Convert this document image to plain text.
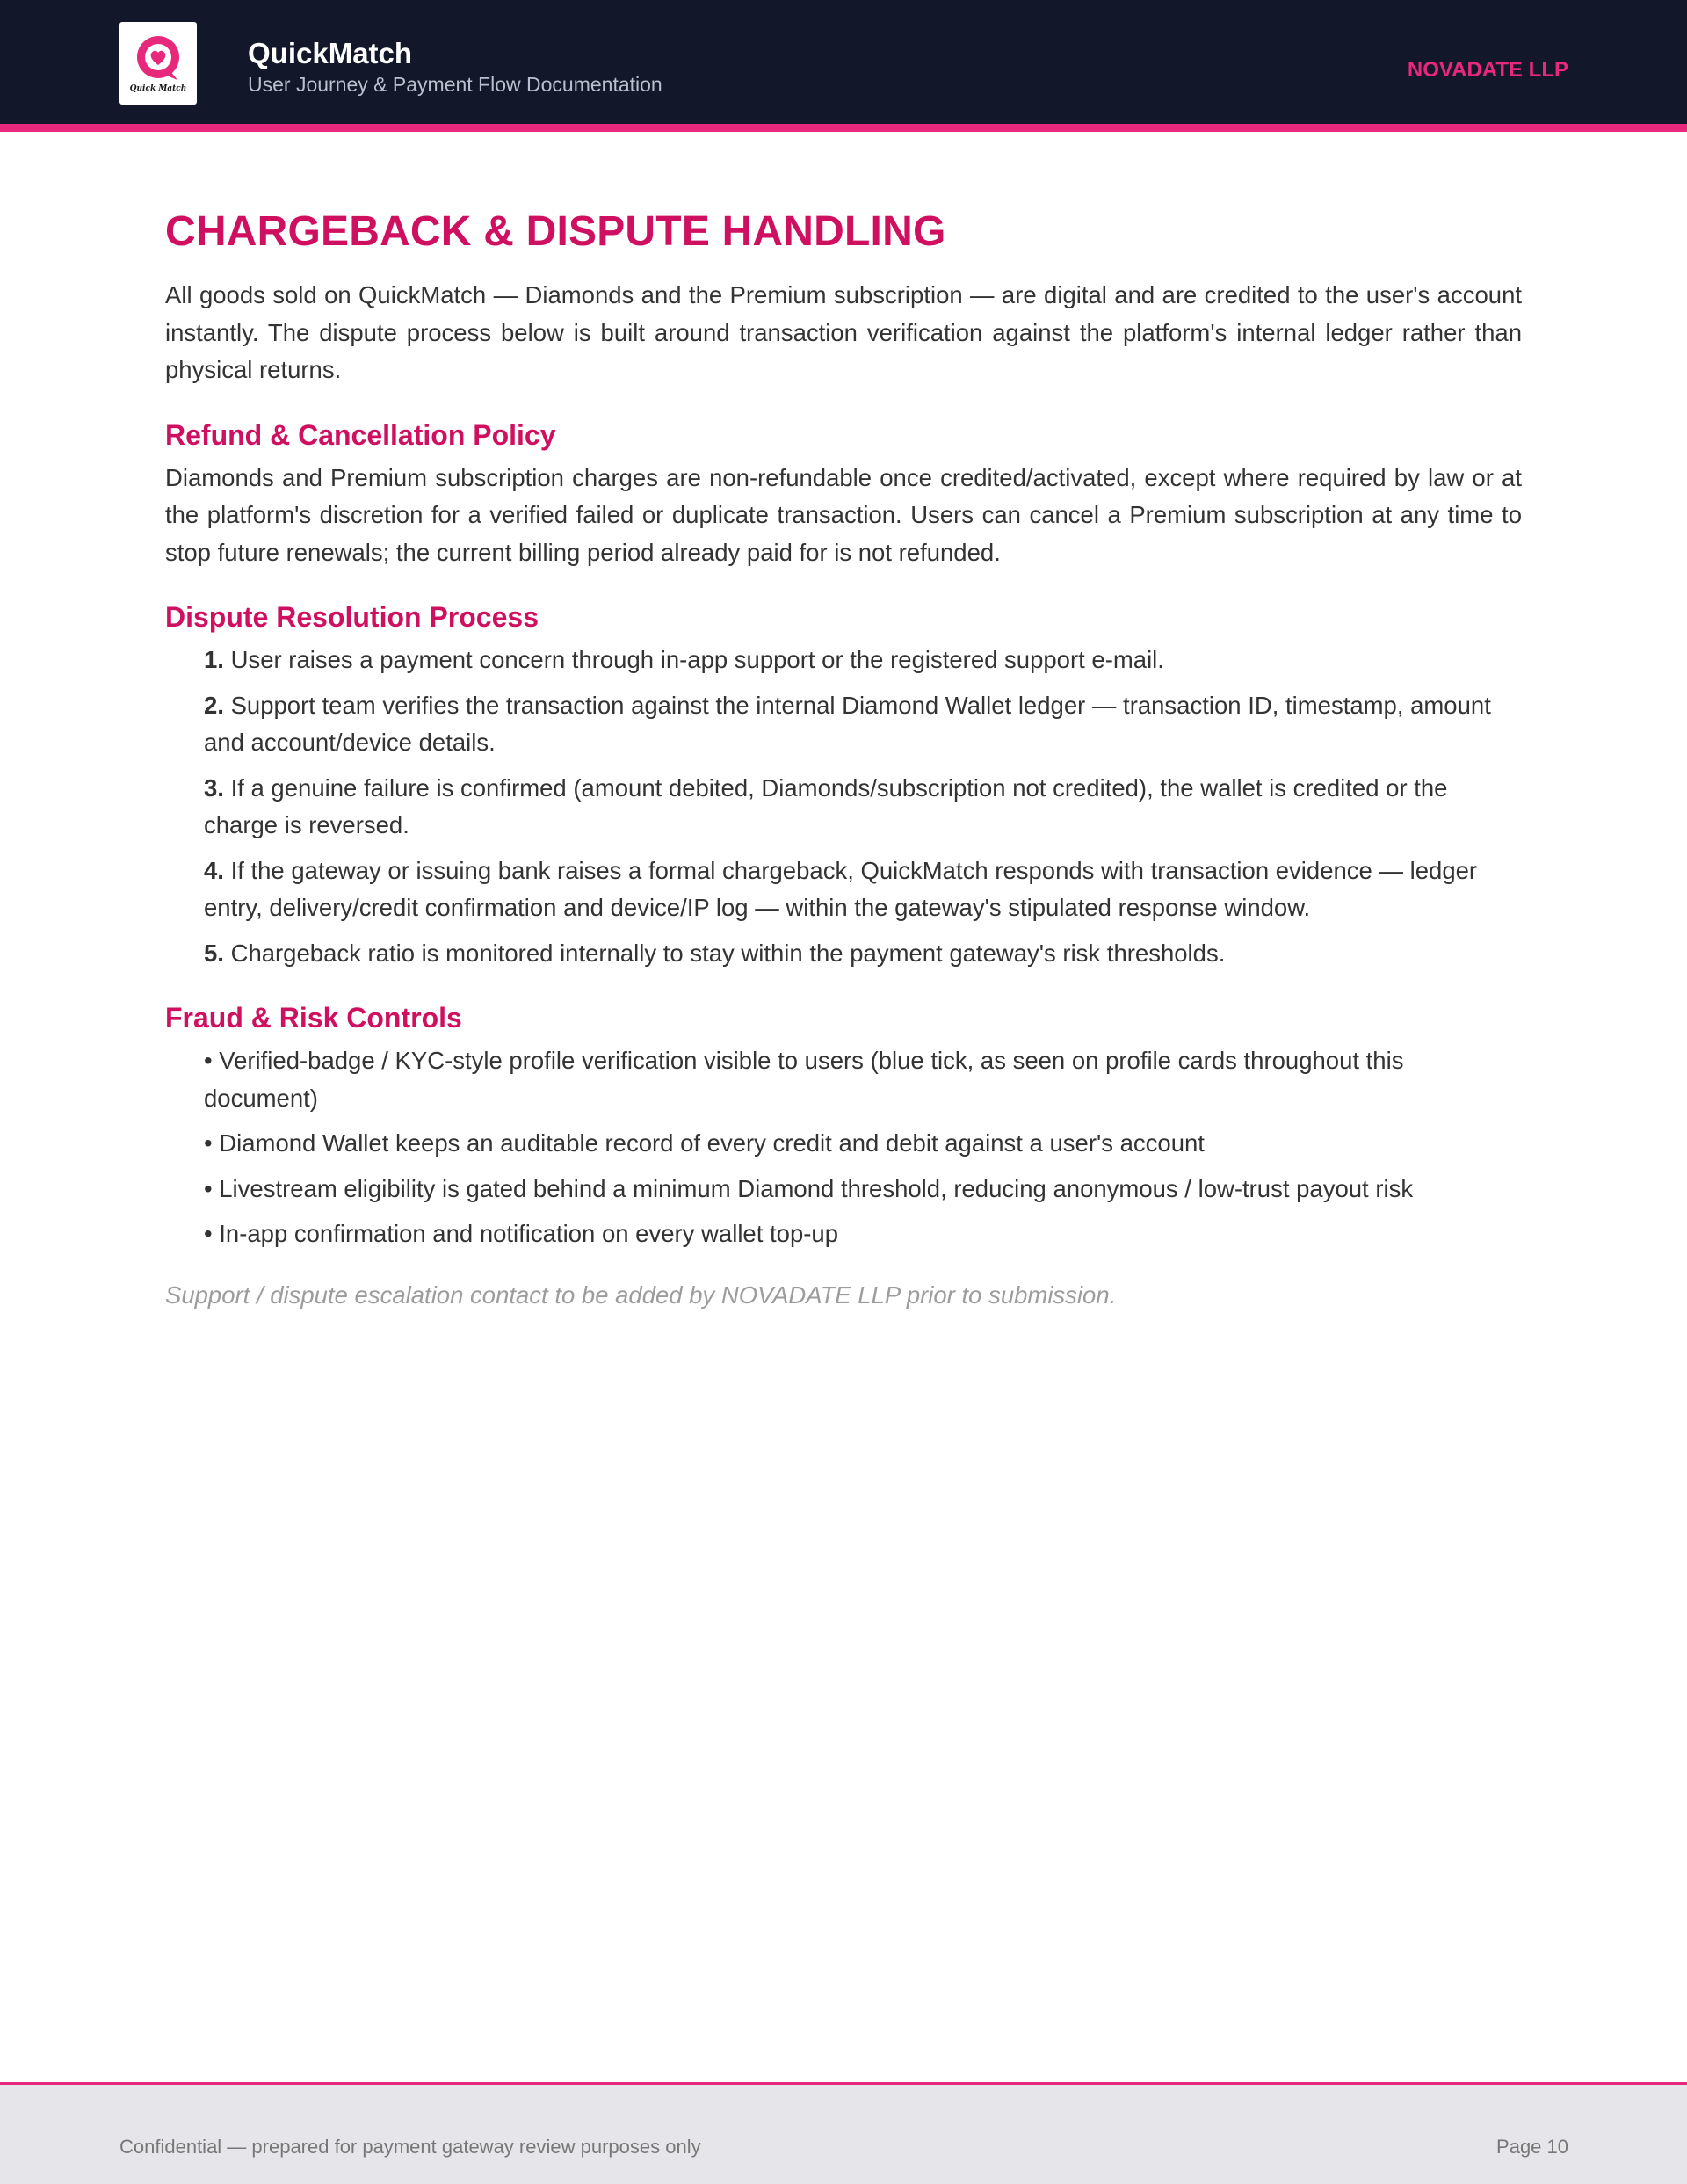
Quick Match
QuickMatch
User Journey & Payment Flow Documentation
NOVADATE LLP
CHARGEBACK & DISPUTE HANDLING

All goods sold on QuickMatch — Diamonds and the Premium subscription — are digital and are credited to the user's account instantly. The dispute process below is built around transaction verification against the platform's internal ledger rather than physical returns.

Refund & Cancellation Policy

Diamonds and Premium subscription charges are non-refundable once credited/activated, except where required by law or at the platform's discretion for a verified failed or duplicate transaction. Users can cancel a Premium subscription at any time to stop future renewals; the current billing period already paid for is not refunded.

Dispute Resolution Process
1. User raises a payment concern through in-app support or the registered support e-mail.
2. Support team verifies the transaction against the internal Diamond Wallet ledger — transaction ID, timestamp, amount and account/device details.
3. If a genuine failure is confirmed (amount debited, Diamonds/subscription not credited), the wallet is credited or the charge is reversed.
4. If the gateway or issuing bank raises a formal chargeback, QuickMatch responds with transaction evidence — ledger entry, delivery/credit confirmation and device/IP log — within the gateway's stipulated response window.
5. Chargeback ratio is monitored internally to stay within the payment gateway's risk thresholds.
Fraud & Risk Controls
• Verified-badge / KYC-style profile verification visible to users (blue tick, as seen on profile cards throughout this document)
• Diamond Wallet keeps an auditable record of every credit and debit against a user's account
• Livestream eligibility is gated behind a minimum Diamond threshold, reducing anonymous / low-trust payout risk
• In-app confirmation and notification on every wallet top-up
Support / dispute escalation contact to be added by NOVADATE LLP prior to submission.
Confidential — prepared for payment gateway review purposes only	Page 10
